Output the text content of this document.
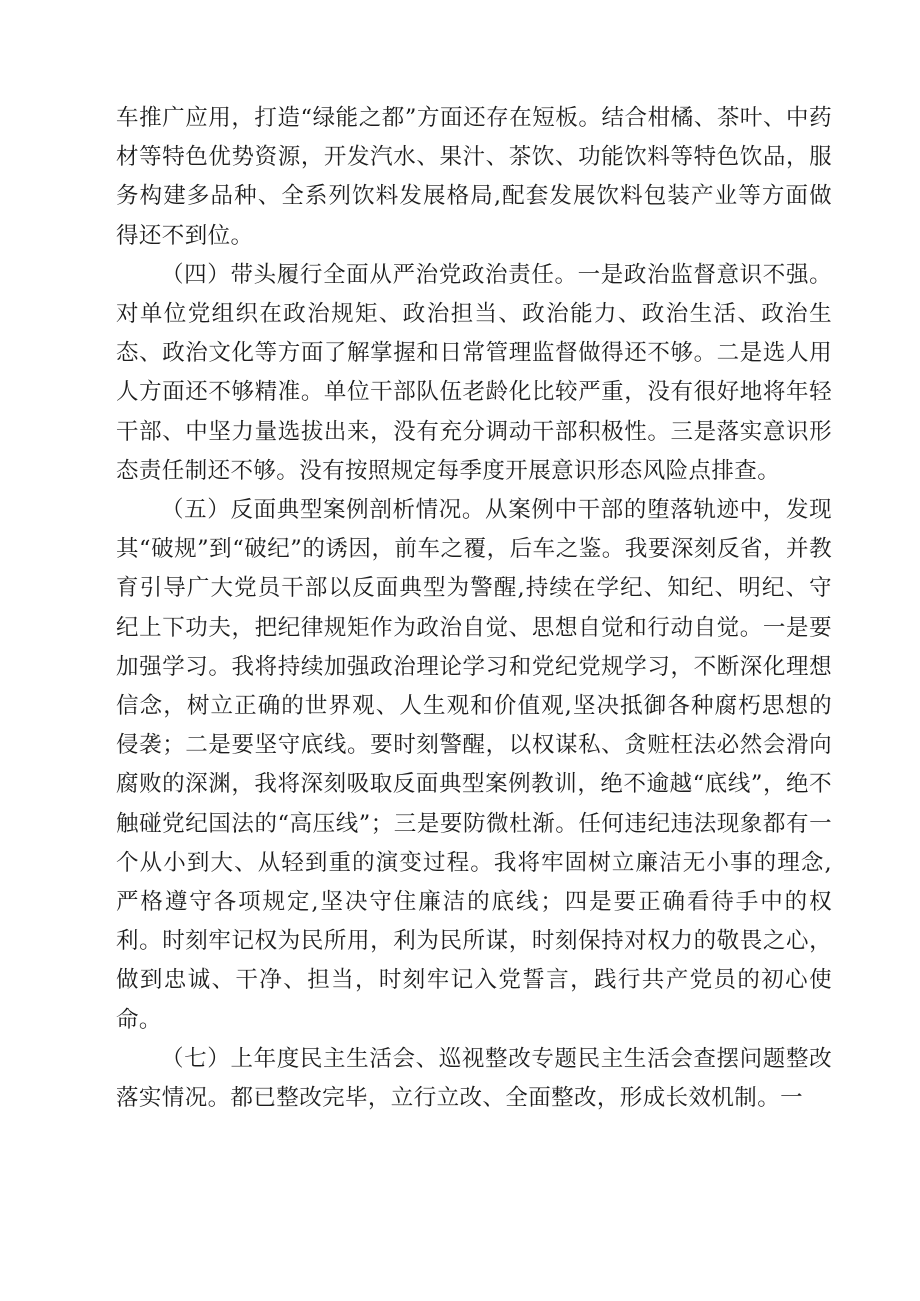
车推广应用，打造“绿能之都”方面还存在短板。结合柑橘、茶叶、中药材等特色优势资源，开发汽水、果汁、茶饮、功能饮料等特色饮品，服务构建多品种、全系列饮料发展格局,配套发展饮料包装产业等方面做得还不到位。

（四）带头履行全面从严治党政治责任。一是政治监督意识不强。对单位党组织在政治规矩、政治担当、政治能力、政治生活、政治生态、政治文化等方面了解掌握和日常管理监督做得还不够。二是选人用人方面还不够精准。单位干部队伍老龄化比较严重，没有很好地将年轻干部、中坚力量选拔出来，没有充分调动干部积极性。三是落实意识形态责任制还不够。没有按照规定每季度开展意识形态风险点排查。

（五）反面典型案例剖析情况。从案例中干部的堕落轨迹中，发现其“破规”到“破纪”的诱因，前车之覆，后车之鉴。我要深刻反省，并教育引导广大党员干部以反面典型为警醒,持续在学纪、知纪、明纪、守纪上下功夫，把纪律规矩作为政治自觉、思想自觉和行动自觉。一是要加强学习。我将持续加强政治理论学习和党纪党规学习，不断深化理想信念，树立正确的世界观、人生观和价值观,坚决抵御各种腐朽思想的侵袭；二是要坚守底线。要时刻警醒，以权谋私、贪赃枉法必然会滑向腐败的深渊，我将深刻吸取反面典型案例教训，绝不逾越“底线”，绝不触碰党纪国法的“高压线”；三是要防微杜渐。任何违纪违法现象都有一个从小到大、从轻到重的演变过程。我将牢固树立廉洁无小事的理念,严格遵守各项规定,坚决守住廉洁的底线；四是要正确看待手中的权利。时刻牢记权为民所用，利为民所谋，时刻保持对权力的敬畏之心，做到忠诚、干净、担当，时刻牢记入党誓言，践行共产党员的初心使命。

（七）上年度民主生活会、巡视整改专题民主生活会查摆问题整改落实情况。都已整改完毕，立行立改、全面整改，形成长效机制。一
